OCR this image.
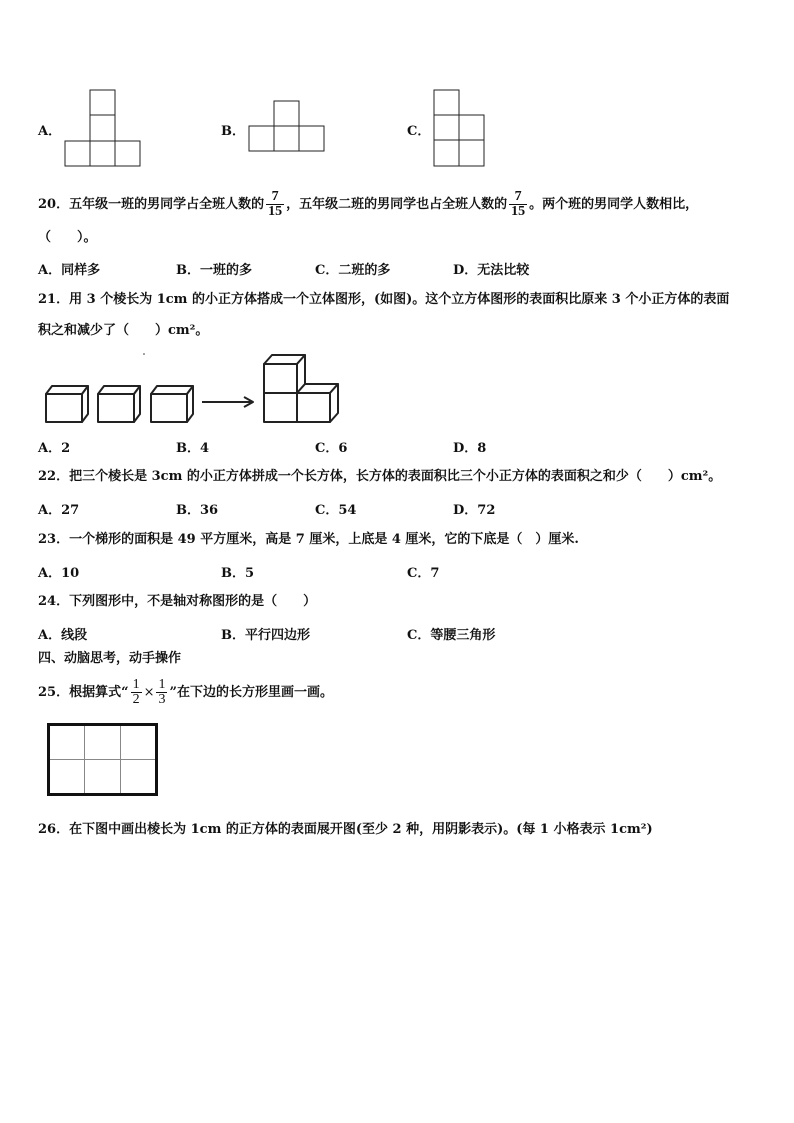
A．	B．	C．
20．五年级一班的男同学占全班人数的 $\frac{7}{15}$ ，五年级二班的男同学也占全班人数的 $\frac{7}{15}$ 。两个班的男同学人数相比，
（　　）。
A．同样多	B．一班的多	C．二班的多	D．无法比较
21．用 3 个棱长为 1cm 的小正方体搭成一个立体图形，(如图)。这个立方体图形的表面积比原来 3 个小正方体的表面
积之和减少了（　　）cm²。
A．2	B．4	C．6	D．8
22．把三个棱长是 3cm 的小正方体拼成一个长方体，长方体的表面积比三个小正方体的表面积之和少（　　）cm²。
A．27	B．36	C．54	D．72
23．一个梯形的面积是 49 平方厘米，高是 7 厘米，上底是 4 厘米，它的下底是（　）厘米.
A．10	B．5	C．7
24．下列图形中，不是轴对称图形的是（　　）
A．线段	B．平行四边形	C．等腰三角形
四、动脑思考，动手操作
25．根据算式“ $\frac{1}{2} \times \frac{1}{3}$ ”在下边的长方形里画一画。
26．在下图中画出棱长为 1cm 的正方体的表面展开图(至少 2 种，用阴影表示)。(每 1 小格表示 1cm²)
